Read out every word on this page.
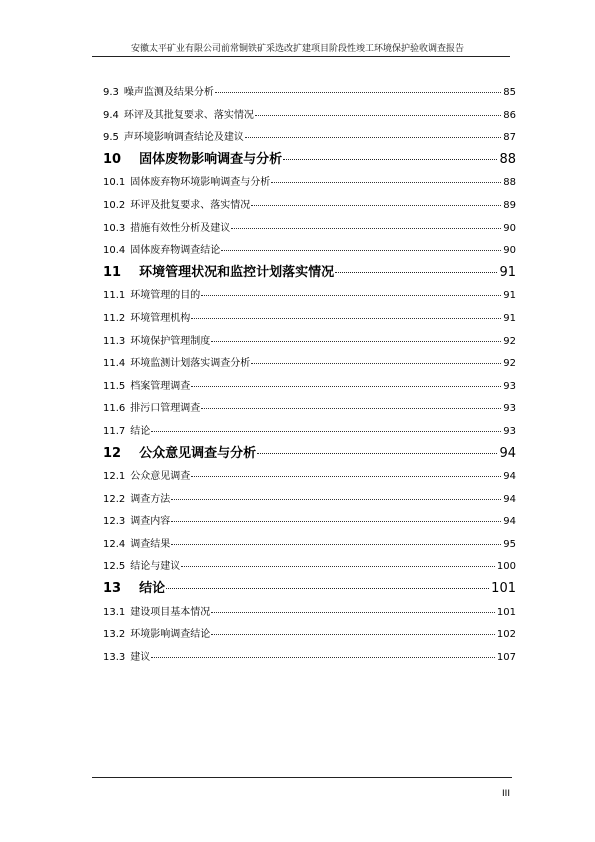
安徽太平矿业有限公司前常铜铁矿采选改扩建项目阶段性竣工环境保护验收调查报告
9.3 噪声监测及结果分析	85
9.4 环评及其批复要求、落实情况	86
9.5 声环境影响调查结论及建议	87
10 固体废物影响调查与分析	88
10.1 固体废弃物环境影响调查与分析	88
10.2 环评及批复要求、落实情况	89
10.3 措施有效性分析及建议	90
10.4 固体废弃物调查结论	90
11 环境管理状况和监控计划落实情况	91
11.1 环境管理的目的	91
11.2 环境管理机构	91
11.3 环境保护管理制度	92
11.4 环境监测计划落实调查分析	92
11.5 档案管理调查	93
11.6 排污口管理调查	93
11.7 结论	93
12 公众意见调查与分析	94
12.1 公众意见调查	94
12.2 调查方法	94
12.3 调查内容	94
12.4 调查结果	95
12.5 结论与建议	100
13 结论	101
13.1 建设项目基本情况	101
13.2 环境影响调查结论	102
13.3 建议	107
III
